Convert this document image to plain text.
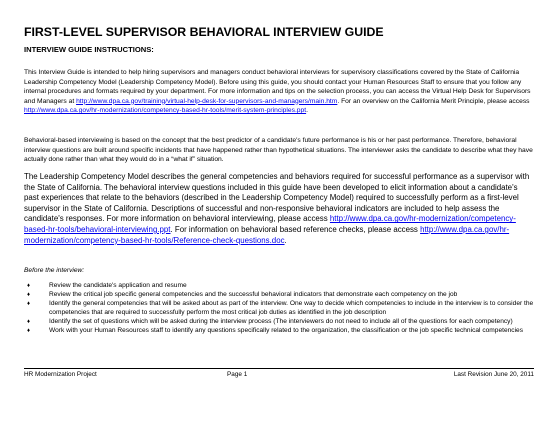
FIRST-LEVEL SUPERVISOR BEHAVIORAL INTERVIEW GUIDE
INTERVIEW GUIDE INSTRUCTIONS:
This Interview Guide is intended to help hiring supervisors and managers conduct behavioral interviews for supervisory classifications covered by the State of California Leadership Competency Model (Leadership Competency Model). Before using this guide, you should contact your Human Resources Staff to ensure that you follow any internal procedures and formats required by your department. For more information and tips on the selection process, you can access the Virtual Help Desk for Supervisors and Managers at http://www.dpa.ca.gov/training/virtual-help-desk-for-supervisors-and-managers/main.htm. For an overview on the California Merit Principle, please access http://www.dpa.ca.gov/hr-modernization/competency-based-hr-tools/merit-system-principles.ppt.
Behavioral-based interviewing is based on the concept that the best predictor of a candidate's future performance is his or her past performance. Therefore, behavioral interview questions are built around specific incidents that have happened rather than hypothetical situations. The interviewer asks the candidate to describe what they have actually done rather than what they would do in a “what if” situation.
The Leadership Competency Model describes the general competencies and behaviors required for successful performance as a supervisor with the State of California. The behavioral interview questions included in this guide have been developed to elicit information about a candidate's past experiences that relate to the behaviors (described in the Leadership Competency Model) required to successfully perform as a first-level supervisor in the State of California. Descriptions of successful and non-responsive behavioral indicators are included to help assess the candidate's responses. For more information on behavioral interviewing, please access http://www.dpa.ca.gov/hr-modernization/competency-based-hr-tools/behavioral-interviewing.ppt. For information on behavioral based reference checks, please access http://www.dpa.ca.gov/hr-modernization/competency-based-hr-tools/Reference-check-questions.doc.
Before the interview:
♦	Review the candidate's application and resume
♦	Review the critical job specific general competencies and the successful behavioral indicators that demonstrate each competency on the job
♦	Identify the general competencies that will be asked about as part of the interview. One way to decide which competencies to include in the interview is to consider the competencies that are required to successfully perform the most critical job duties as identified in the job description
♦	Identify the set of questions which will be asked during the interview process (The interviewers do not need to include all of the questions for each competency)
♦	Work with your Human Resources staff to identify any questions specifically related to the organization, the classification or the job specific technical competencies
HR Modernization Project	Page 1	Last Revision June 20, 2011
